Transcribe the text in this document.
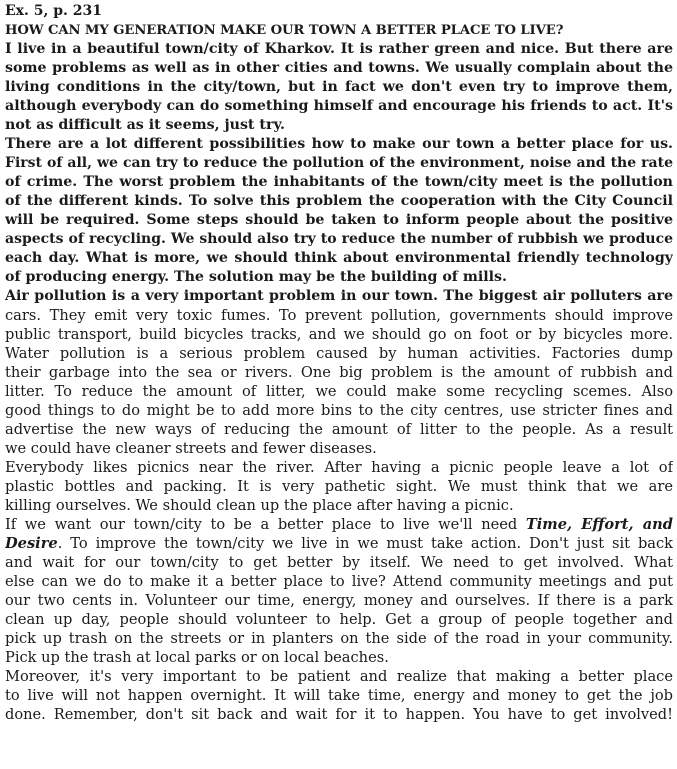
Ex. 5, p. 231
HOW CAN MY GENERATION MAKE OUR TOWN A BETTER PLACE TO LIVE?
I live in a beautiful town/city of Kharkov. It is rather green and nice. But there are
some problems as well as in other cities and towns. We usually complain about the
living conditions in the city/town, but in fact we don't even try to improve them,
although everybody can do something himself and encourage his friends to act. It's
not as difficult as it seems, just try.
There are a lot different possibilities how to make our town a better place for us.
First of all, we can try to reduce the pollution of the environment, noise and the rate
of crime. The worst problem the inhabitants of the town/city meet is the pollution
of the different kinds. To solve this problem the cooperation with the City Council
will be required. Some steps should be taken to inform people about the positive
aspects of recycling. We should also try to reduce the number of rubbish we produce
each day. What is more, we should think about environmental friendly technology
of producing energy. The solution may be the building of mills.
Air pollution is a very important problem in our town. The biggest air polluters are
cars. They emit very toxic fumes. To prevent pollution, governments should improve
public transport, build bicycles tracks, and we should go on foot or by bicycles more.
Water pollution is a serious problem caused by human activities. Factories dump
their garbage into the sea or rivers. One big problem is the amount of rubbish and
litter. To reduce the amount of litter, we could make some recycling scemes. Also
good things to do might be to add more bins to the city centres, use stricter fines and
advertise the new ways of reducing the amount of litter to the people. As a result
we could have cleaner streets and fewer diseases.
Everybody likes picnics near the river. After having a picnic people leave a lot of
plastic bottles and packing. It is very pathetic sight. We must think that we are
killing ourselves. We should clean up the place after having a picnic.
If we want our town/city to be a better place to live we'll need Time, Effort, and
Desire. To improve the town/city we live in we must take action. Don't just sit back
and wait for our town/city to get better by itself. We need to get involved. What
else can we do to make it a better place to live? Attend community meetings and put
our two cents in. Volunteer our time, energy, money and ourselves. If there is a park
clean up day, people should volunteer to help. Get a group of people together and
pick up trash on the streets or in planters on the side of the road in your community.
Pick up the trash at local parks or on local beaches.
Moreover, it's very important to be patient and realize that making a better place
to live will not happen overnight. It will take time, energy and money to get the job
done. Remember, don't sit back and wait for it to happen. You have to get involved!
